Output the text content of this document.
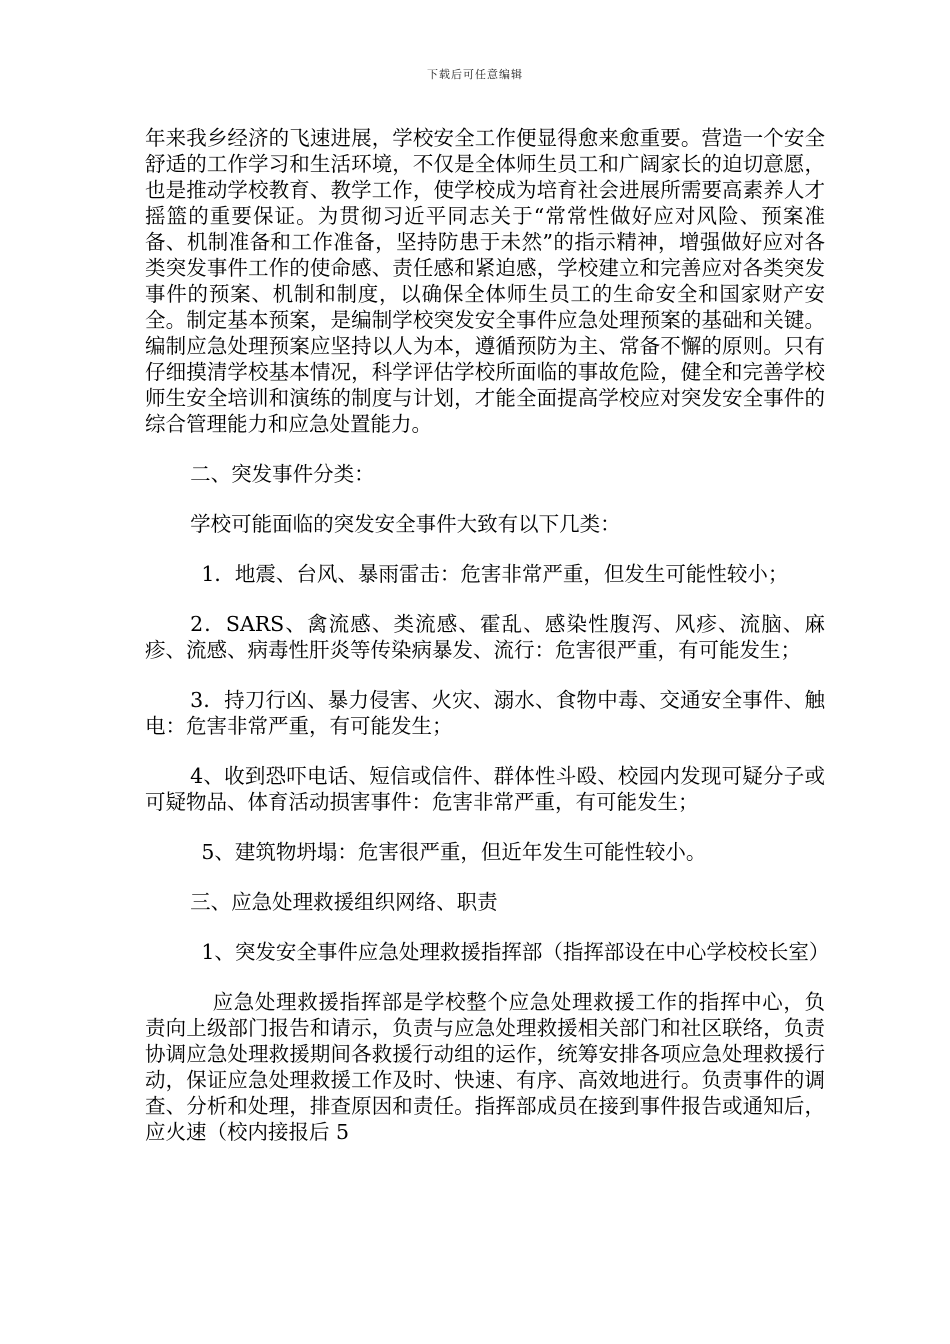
下载后可任意编辑

年来我乡经济的飞速进展，学校安全工作便显得愈来愈重要。营造一个安全舒适的工作学习和生活环境，不仅是全体师生员工和广阔家长的迫切意愿，也是推动学校教育、教学工作，使学校成为培育社会进展所需要高素养人才摇篮的重要保证。为贯彻习近平同志关于“常常性做好应对风险、预案准备、机制准备和工作准备，坚持防患于未然”的指示精神，增强做好应对各类突发事件工作的使命感、责任感和紧迫感，学校建立和完善应对各类突发事件的预案、机制和制度，以确保全体师生员工的生命安全和国家财产安全。制定基本预案，是编制学校突发安全事件应急处理预案的基础和关键。编制应急处理预案应坚持以人为本，遵循预防为主、常备不懈的原则。只有仔细摸清学校基本情况，科学评估学校所面临的事故危险，健全和完善学校师生安全培训和演练的制度与计划，才能全面提高学校应对突发安全事件的综合管理能力和应急处置能力。

二、突发事件分类：

学校可能面临的突发安全事件大致有以下几类：

1．地震、台风、暴雨雷击：危害非常严重，但发生可能性较小；

2．SARS、禽流感、类流感、霍乱、感染性腹泻、风疹、流脑、麻疹、流感、病毒性肝炎等传染病暴发、流行：危害很严重，有可能发生；

3．持刀行凶、暴力侵害、火灾、溺水、食物中毒、交通安全事件、触电：危害非常严重，有可能发生；

4、收到恐吓电话、短信或信件、群体性斗殴、校园内发现可疑分子或可疑物品、体育活动损害事件：危害非常严重，有可能发生；

5、建筑物坍塌：危害很严重，但近年发生可能性较小。

三、应急处理救援组织网络、职责

1、突发安全事件应急处理救援指挥部（指挥部设在中心学校校长室）

应急处理救援指挥部是学校整个应急处理救援工作的指挥中心，负责向上级部门报告和请示，负责与应急处理救援相关部门和社区联络，负责协调应急处理救援期间各救援行动组的运作，统筹安排各项应急处理救援行动，保证应急处理救援工作及时、快速、有序、高效地进行。负责事件的调查、分析和处理，排查原因和责任。指挥部成员在接到事件报告或通知后，应火速（校内接报后 5
